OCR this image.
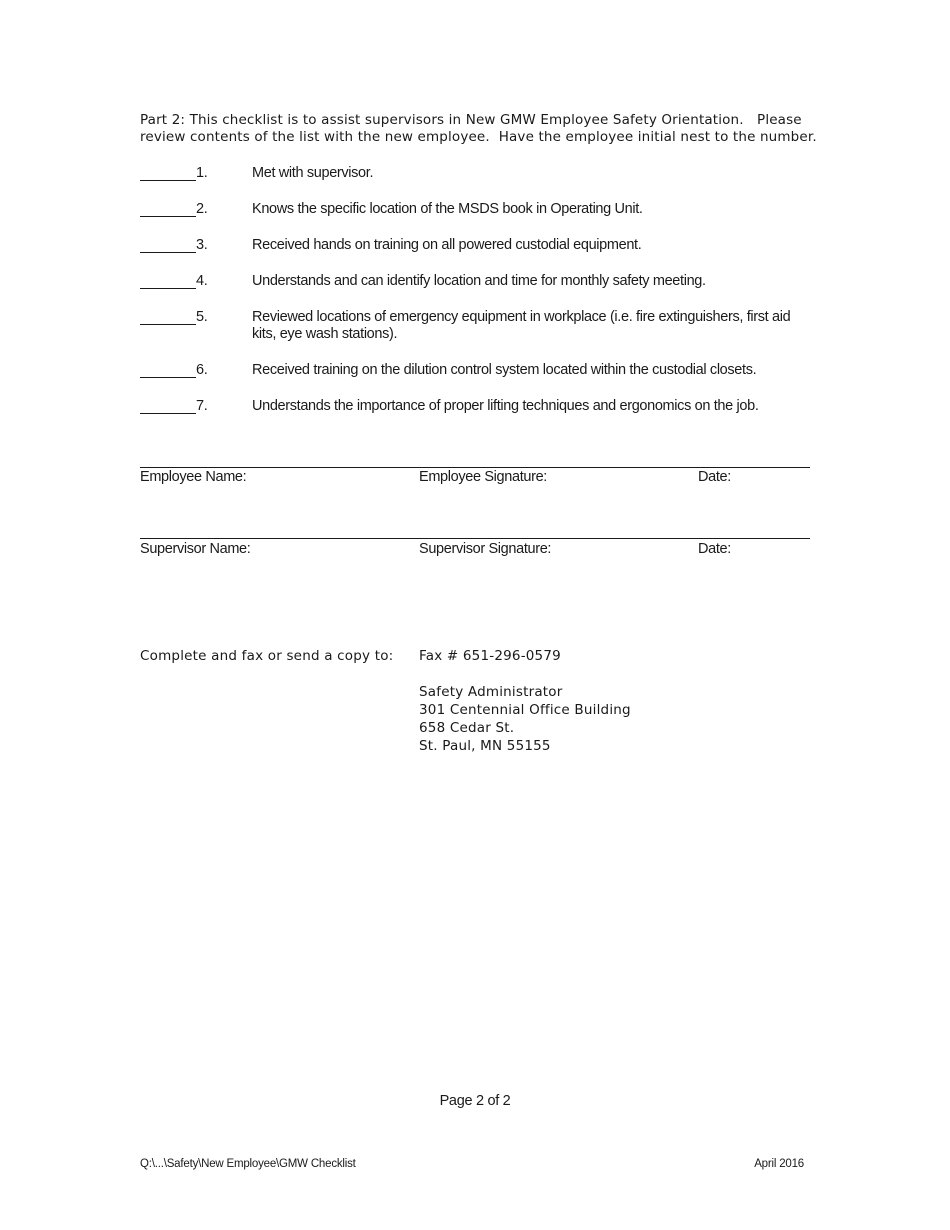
Part 2: This checklist is to assist supervisors in New GMW Employee Safety Orientation.   Please
review contents of the list with the new employee.  Have the employee initial nest to the number.
1.	Met with supervisor.
2.	Knows the specific location of the MSDS book in Operating Unit.
3.	Received hands on training on all powered custodial equipment.
4.	Understands and can identify location and time for monthly safety meeting.
5.	Reviewed locations of emergency equipment in workplace (i.e. fire extinguishers, first aid kits, eye wash stations).
6.	Received training on the dilution control system located within the custodial closets.
7.	Understands the importance of proper lifting techniques and ergonomics on the job.
Employee Name:	Employee Signature:	Date:
Supervisor Name:	Supervisor Signature:	Date:
Complete and fax or send a copy to: Fax # 651-296-0579
Safety Administrator
301 Centennial Office Building
658 Cedar St.
St. Paul, MN 55155
Page 2 of 2
Q:\...\Safety\New Employee\GMW Checklist	April 2016
